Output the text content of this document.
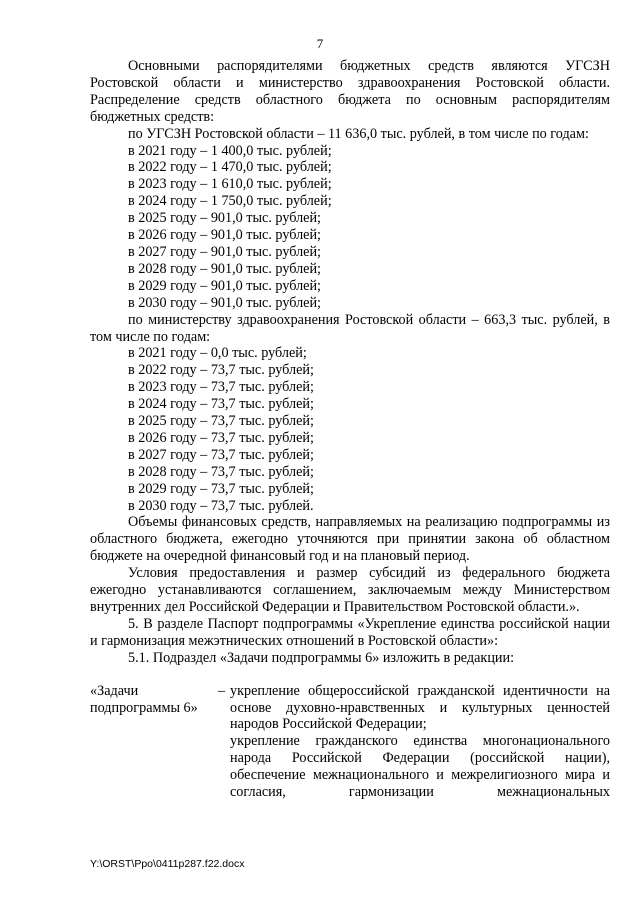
7

Основными распорядителями бюджетных средств являются УГСЗН Ростовской области и министерство здравоохранения Ростовской области. Распределение средств областного бюджета по основным распорядителям бюджетных средств:

по УГСЗН Ростовской области – 11 636,0 тыс. рублей, в том числе по годам:

в 2021 году – 1 400,0 тыс. рублей;

в 2022 году – 1 470,0 тыс. рублей;

в 2023 году – 1 610,0 тыс. рублей;

в 2024 году – 1 750,0 тыс. рублей;

в 2025 году – 901,0 тыс. рублей;

в 2026 году – 901,0 тыс. рублей;

в 2027 году – 901,0 тыс. рублей;

в 2028 году – 901,0 тыс. рублей;

в 2029 году – 901,0 тыс. рублей;

в 2030 году – 901,0 тыс. рублей;

по министерству здравоохранения Ростовской области – 663,3 тыс. рублей, в том числе по годам:

в 2021 году – 0,0 тыс. рублей;

в 2022 году – 73,7 тыс. рублей;

в 2023 году – 73,7 тыс. рублей;

в 2024 году – 73,7 тыс. рублей;

в 2025 году – 73,7 тыс. рублей;

в 2026 году – 73,7 тыс. рублей;

в 2027 году – 73,7 тыс. рублей;

в 2028 году – 73,7 тыс. рублей;

в 2029 году – 73,7 тыс. рублей;

в 2030 году – 73,7 тыс. рублей.

Объемы финансовых средств, направляемых на реализацию подпрограммы из областного бюджета, ежегодно уточняются при принятии закона об областном бюджете на очередной финансовый год и на плановый период.

Условия предоставления и размер субсидий из федерального бюджета ежегодно устанавливаются соглашением, заключаемым между Министерством внутренних дел Российской Федерации и Правительством Ростовской области.».

5. В разделе Паспорт подпрограммы «Укрепление единства российской нации и гармонизация межэтнических отношений в Ростовской области»:

5.1. Подраздел «Задачи подпрограммы 6» изложить в редакции:

«Задачи подпрограммы 6»
– укрепление общероссийской гражданской идентичности на основе духовно-нравственных и культурных ценностей народов Российской Федерации;

укрепление гражданского единства многонационального народа Российской Федерации (российской нации), обеспечение межнационального и межрелигиозного мира и согласия, гармонизации межнациональных

Y:\ORST\Ppo\0411p287.f22.docx
